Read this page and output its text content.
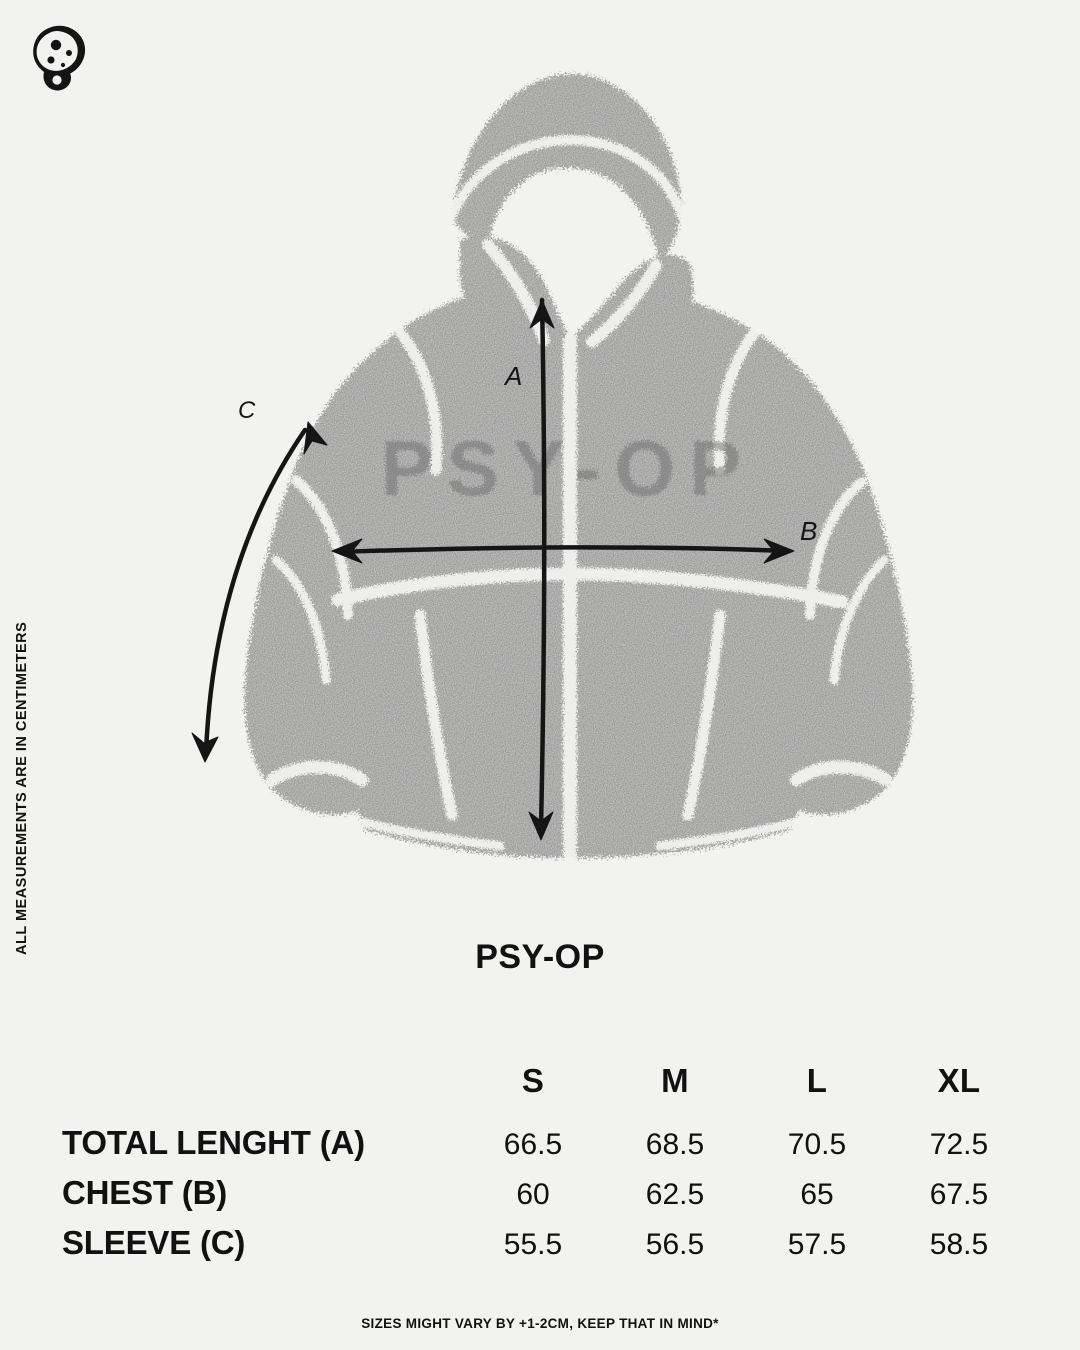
ALL MEASUREMENTS ARE IN CENTIMETERS
PSY-OP
A
B
C
PSY-OP
	S	M	L	XL
TOTAL LENGHT (A)	66.5	68.5	70.5	72.5
CHEST (B)	60	62.5	65	67.5
SLEEVE (C)	55.5	56.5	57.5	58.5
SIZES MIGHT VARY BY +1-2CM, KEEP THAT IN MIND*
